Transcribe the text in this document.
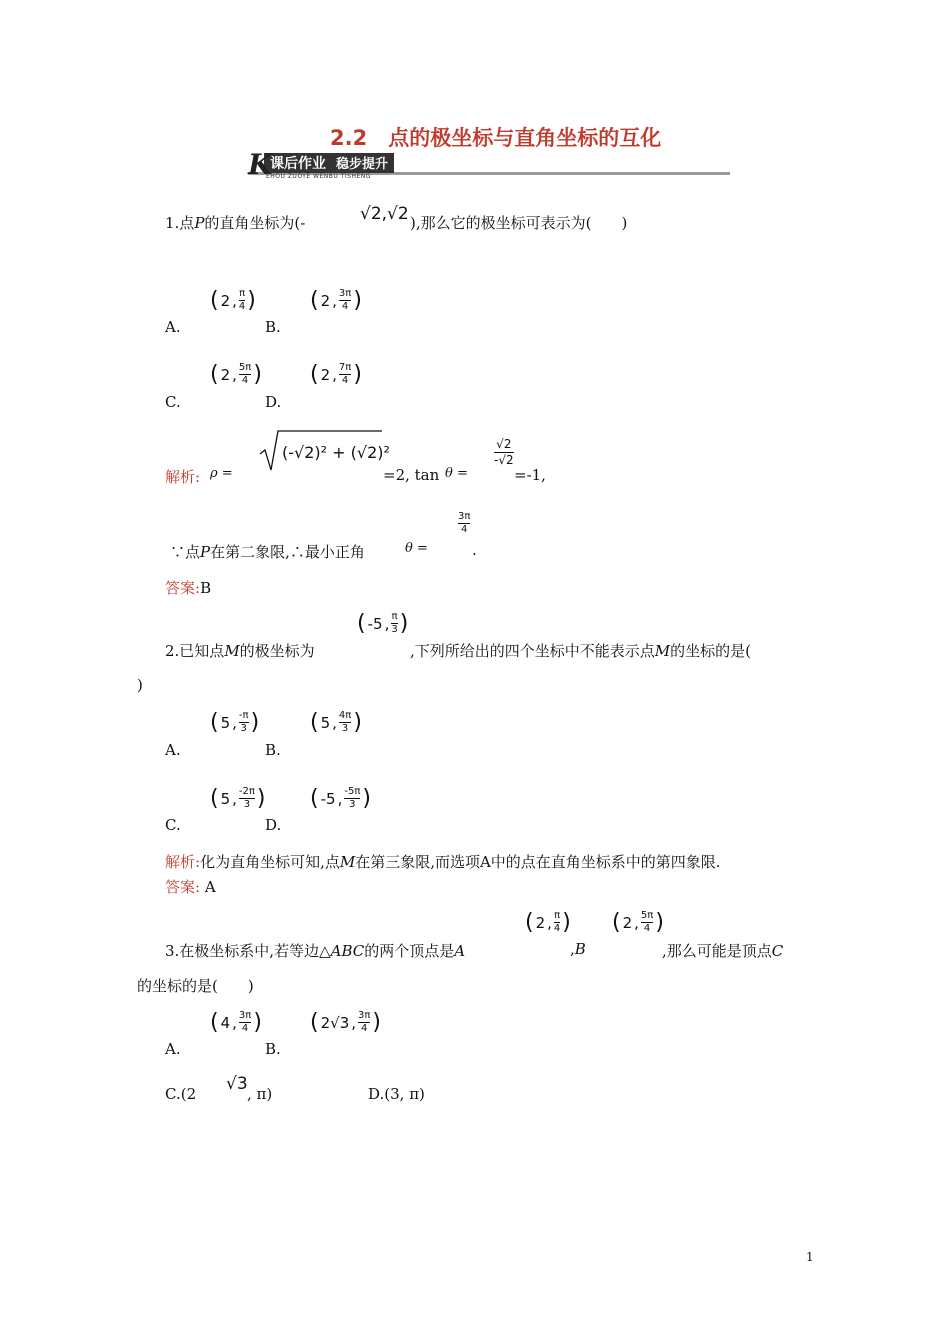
2.2　点的极坐标与直角坐标的互化
K
课后作业 稳步提升
EHOU ZUOYE WENBU TISHENG
1.点P的直角坐标为(-	√2,√2 ),那么它的极坐标可表示为(　　)
A.
( 2 , $\frac{\pi}{4}$ )
B.
( 2 , $\frac{3\pi}{4}$ )
C.
( 2 , $\frac{5\pi}{4}$ )
D.
( 2 , $\frac{7\pi}{4}$ )
解析: ρ =
(-√2)² + (√2)²
=2, tan θ =
√2
-√2
=-1,
∵点P在第二象限,∴最小正角	θ =
3π
4
.
答案:B
2.已知点M的极坐标为
( -5 , $\frac{\pi}{3}$ )
,下列所给出的四个坐标中不能表示点M的坐标的是(
)
A.
( 5 , $\frac{-\pi}{3}$ )
B.
( 5 , $\frac{4\pi}{3}$ )
C.
( 5 , $\frac{-2\pi}{3}$ )
D.
( -5 , $\frac{-5\pi}{3}$ )
解析:化为直角坐标可知,点M在第三象限,而选项A中的点在直角坐标系中的第四象限.
答案: A
3.在极坐标系中,若等边△ABC的两个顶点是A
( 2 , $\frac{\pi}{4}$ )
,B
( 2 , $\frac{5\pi}{4}$ )
,那么可能是顶点C
的坐标的是(　　)
A.
( 4 , $\frac{3\pi}{4}$ )
B.
( 2√3 , $\frac{3\pi}{4}$ )
C.(2 √3 , π)	D.(3, π)
1
